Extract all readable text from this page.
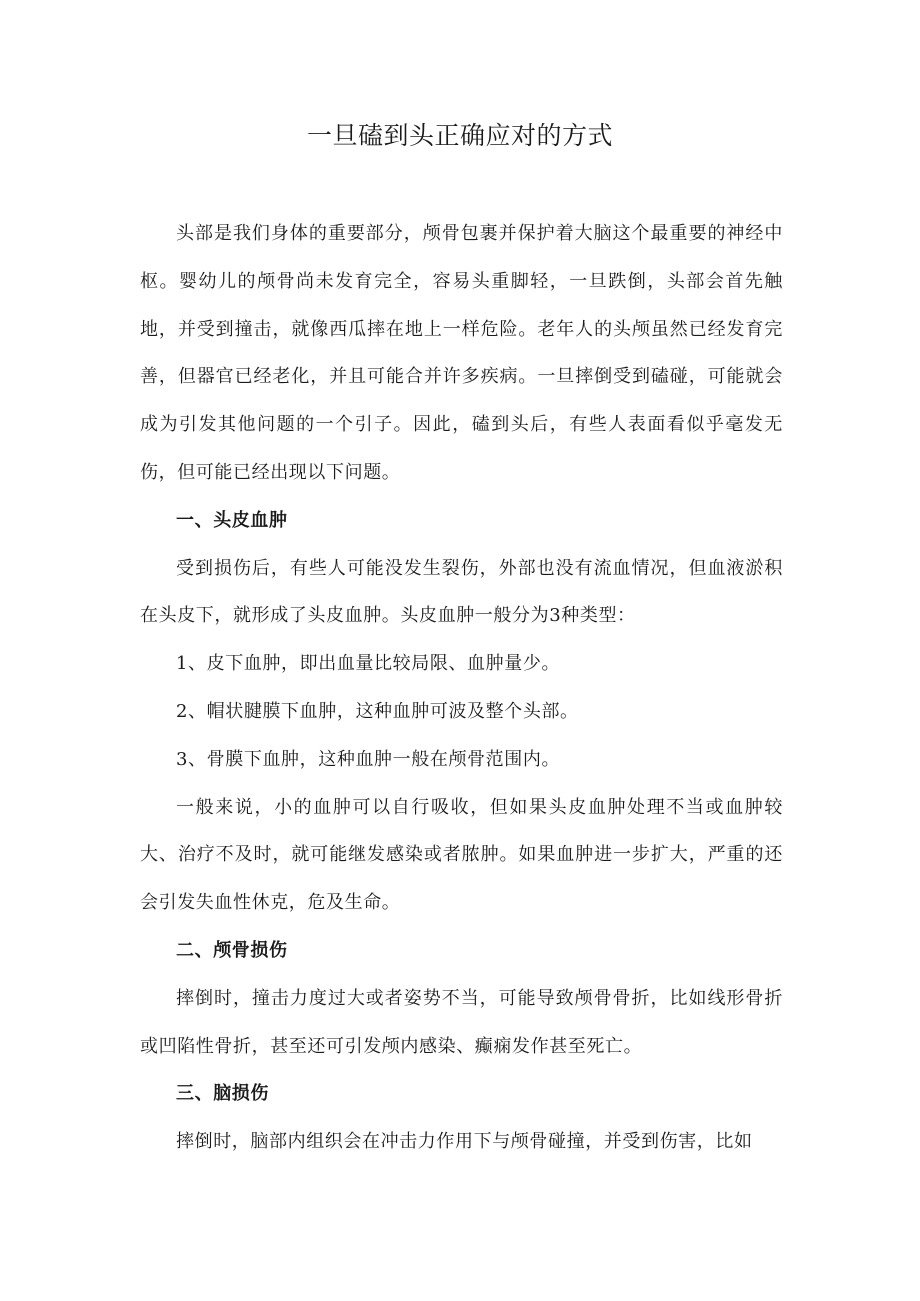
一旦磕到头正确应对的方式

头部是我们身体的重要部分，颅骨包裹并保护着大脑这个最重要的神经中枢。婴幼儿的颅骨尚未发育完全，容易头重脚轻，一旦跌倒，头部会首先触地，并受到撞击，就像西瓜摔在地上一样危险。老年人的头颅虽然已经发育完善，但器官已经老化，并且可能合并许多疾病。一旦摔倒受到磕碰，可能就会成为引发其他问题的一个引子。因此，磕到头后，有些人表面看似乎毫发无伤，但可能已经出现以下问题。

一、头皮血肿

受到损伤后，有些人可能没发生裂伤，外部也没有流血情况，但血液淤积在头皮下，就形成了头皮血肿。头皮血肿一般分为3种类型：

1、皮下血肿，即出血量比较局限、血肿量少。

2、帽状腱膜下血肿，这种血肿可波及整个头部。

3、骨膜下血肿，这种血肿一般在颅骨范围内。

一般来说，小的血肿可以自行吸收，但如果头皮血肿处理不当或血肿较大、治疗不及时，就可能继发感染或者脓肿。如果血肿进一步扩大，严重的还会引发失血性休克，危及生命。

二、颅骨损伤

摔倒时，撞击力度过大或者姿势不当，可能导致颅骨骨折，比如线形骨折或凹陷性骨折，甚至还可引发颅内感染、癫痫发作甚至死亡。

三、脑损伤

摔倒时，脑部内组织会在冲击力作用下与颅骨碰撞，并受到伤害，比如
